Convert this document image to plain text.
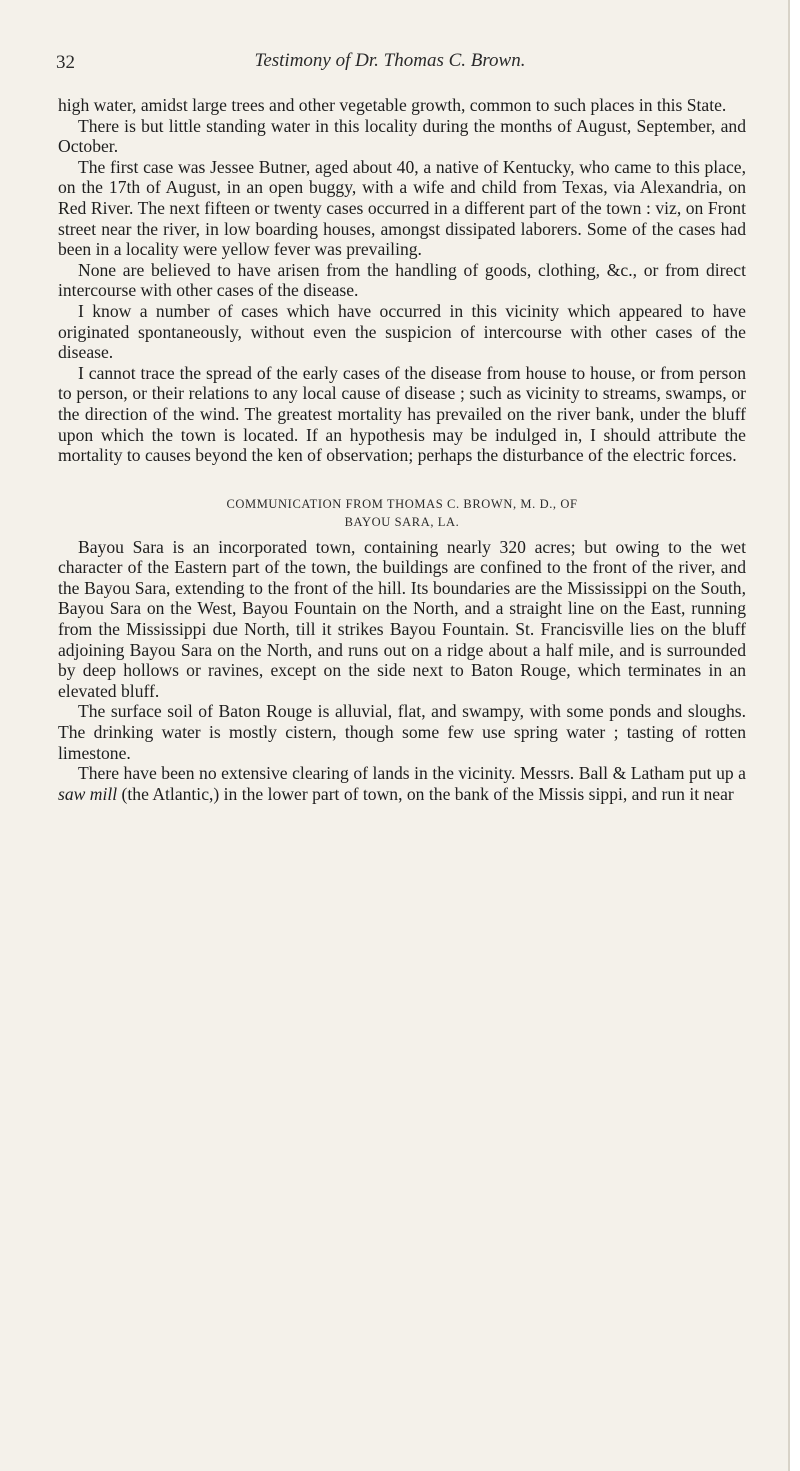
32	Testimony of Dr. Thomas C. Brown.

high water, amidst large trees and other vegetable growth, common to such places in this State.

There is but little standing water in this locality during the months of August, September, and October.

The first case was Jessee Butner, aged about 40, a native of Kentucky, who came to this place, on the 17th of August, in an open buggy, with a wife and child from Texas, via Alexandria, on Red River. The next fifteen or twenty cases occurred in a different part of the town : viz, on Front street near the river, in low boarding houses, amongst dissipated laborers. Some of the cases had been in a locality were yellow fever was prevailing.

None are believed to have arisen from the handling of goods, clothing, &c., or from direct intercourse with other cases of the disease.

I know a number of cases which have occurred in this vicinity which appeared to have originated spontaneously, without even the suspicion of intercourse with other cases of the disease.

I cannot trace the spread of the early cases of the disease from house to house, or from person to person, or their relations to any local cause of disease ; such as vicinity to streams, swamps, or the direction of the wind. The greatest mortality has prevailed on the river bank, under the bluff upon which the town is located. If an hypothesis may be indulged in, I should attribute the mortality to causes beyond the ken of observation; perhaps the disturbance of the electric forces.

COMMUNICATION FROM THOMAS C. BROWN, M. D., OF
BAYOU SARA, LA.

Bayou Sara is an incorporated town, containing nearly 320 acres; but owing to the wet character of the Eastern part of the town, the buildings are confined to the front of the river, and the Bayou Sara, extending to the front of the hill. Its boundaries are the Mississippi on the South, Bayou Sara on the West, Bayou Fountain on the North, and a straight line on the East, running from the Mississippi due North, till it strikes Bayou Fountain. St. Francisville lies on the bluff adjoining Bayou Sara on the North, and runs out on a ridge about a half mile, and is surrounded by deep hollows or ravines, except on the side next to Baton Rouge, which terminates in an elevated bluff.

The surface soil of Baton Rouge is alluvial, flat, and swampy, with some ponds and sloughs. The drinking water is mostly cistern, though some few use spring water ; tasting of rotten limestone.

There have been no extensive clearing of lands in the vicinity. Messrs. Ball & Latham put up a saw mill (the Atlantic,) in the lower part of town, on the bank of the Missis sippi, and run it near
